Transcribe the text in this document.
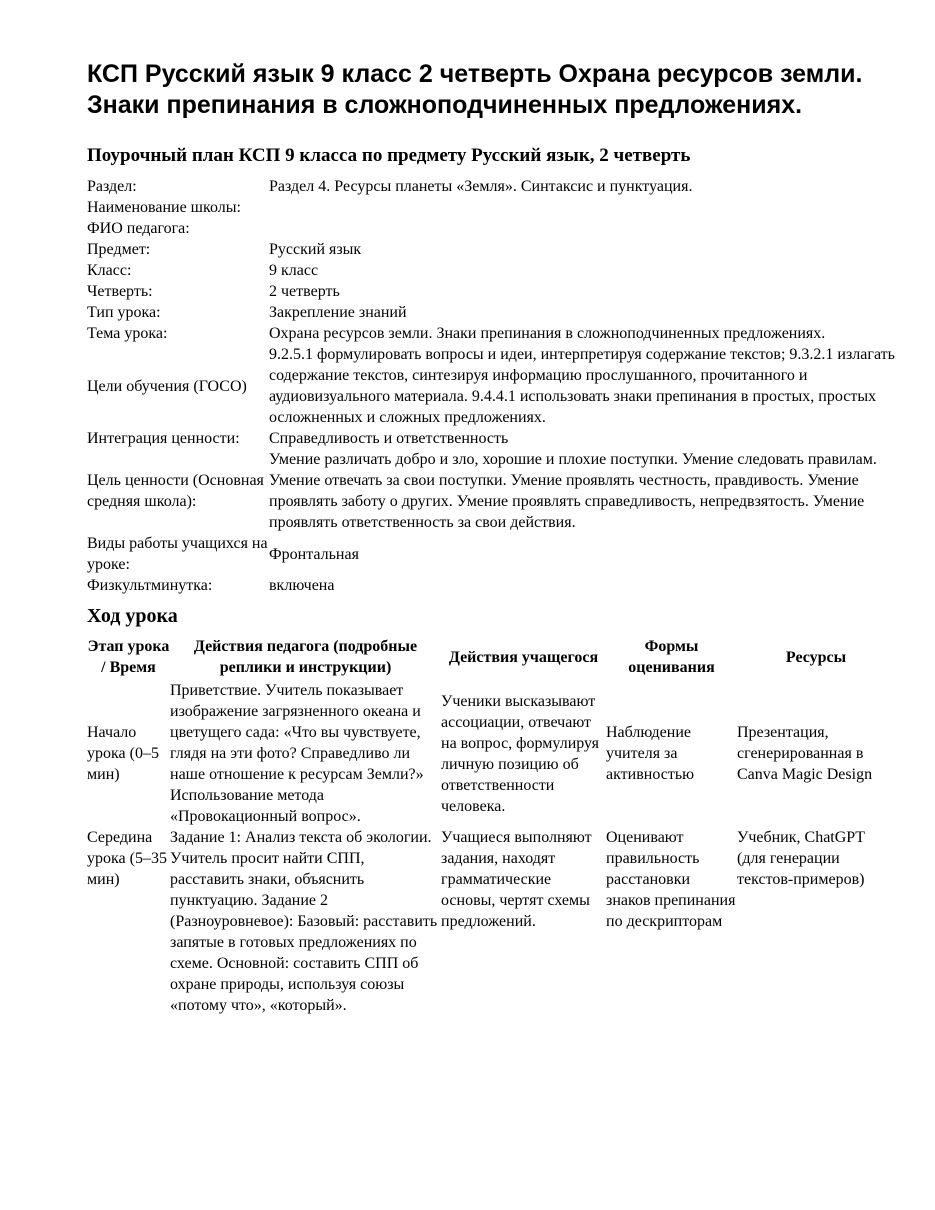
КСП Русский язык 9 класс 2 четверть Охрана ресурсов земли. Знаки препинания в сложноподчиненных предложениях.
Поурочный план КСП 9 класса по предмету Русский язык, 2 четверть
Раздел:	Раздел 4. Ресурсы планеты «Земля». Синтаксис и пунктуация.
Наименование школы:	
ФИО педагога:	
Предмет:	Русский язык
Класс:	9 класс
Четверть:	2 четверть
Тип урока:	Закрепление знаний
Тема урока:	Охрана ресурсов земли. Знаки препинания в сложноподчиненных предложениях.
Цели обучения (ГОСО)	9.2.5.1 формулировать вопросы и идеи, интерпретируя содержание текстов; 9.3.2.1 излагать содержание текстов, синтезируя информацию прослушанного, прочитанного и аудиовизуального материала. 9.4.4.1 использовать знаки препинания в простых, простых осложненных и сложных предложениях.
Интеграция ценности:	Справедливость и ответственность
Цель ценности (Основная средняя школа):	Умение различать добро и зло, хорошие и плохие поступки. Умение следовать правилам. Умение отвечать за свои поступки. Умение проявлять честность, правдивость. Умение проявлять заботу о других. Умение проявлять справедливость, непредвзятость. Умение проявлять ответственность за свои действия.
Виды работы учащихся на уроке:	Фронтальная
Физкультминутка:	включена
Ход урока
Этап урока / Время	Действия педагога (подробные реплики и инструкции)	Действия учащегося	Формы оценивания	Ресурсы
Начало урока (0–5 мин)	Приветствие. Учитель показывает изображение загрязненного океана и цветущего сада: «Что вы чувствуете, глядя на эти фото? Справедливо ли наше отношение к ресурсам Земли?» Использование метода «Провокационный вопрос».	Ученики высказывают ассоциации, отвечают на вопрос, формулируя личную позицию об ответственности человека.	Наблюдение учителя за активностью	Презентация, сгенерированная в Canva Magic Design
Середина урока (5–35 мин)	Задание 1: Анализ текста об экологии. Учитель просит найти СПП, расставить знаки, объяснить пунктуацию. Задание 2 (Разноуровневое): Базовый: расставить запятые в готовых предложениях по схеме. Основной: составить СПП об охране природы, используя союзы «потому что», «который».	Учащиеся выполняют задания, находят грамматические основы, чертят схемы предложений.	Оценивают правильность расстановки знаков препинания по дескрипторам	Учебник, ChatGPT (для генерации текстов-примеров)
